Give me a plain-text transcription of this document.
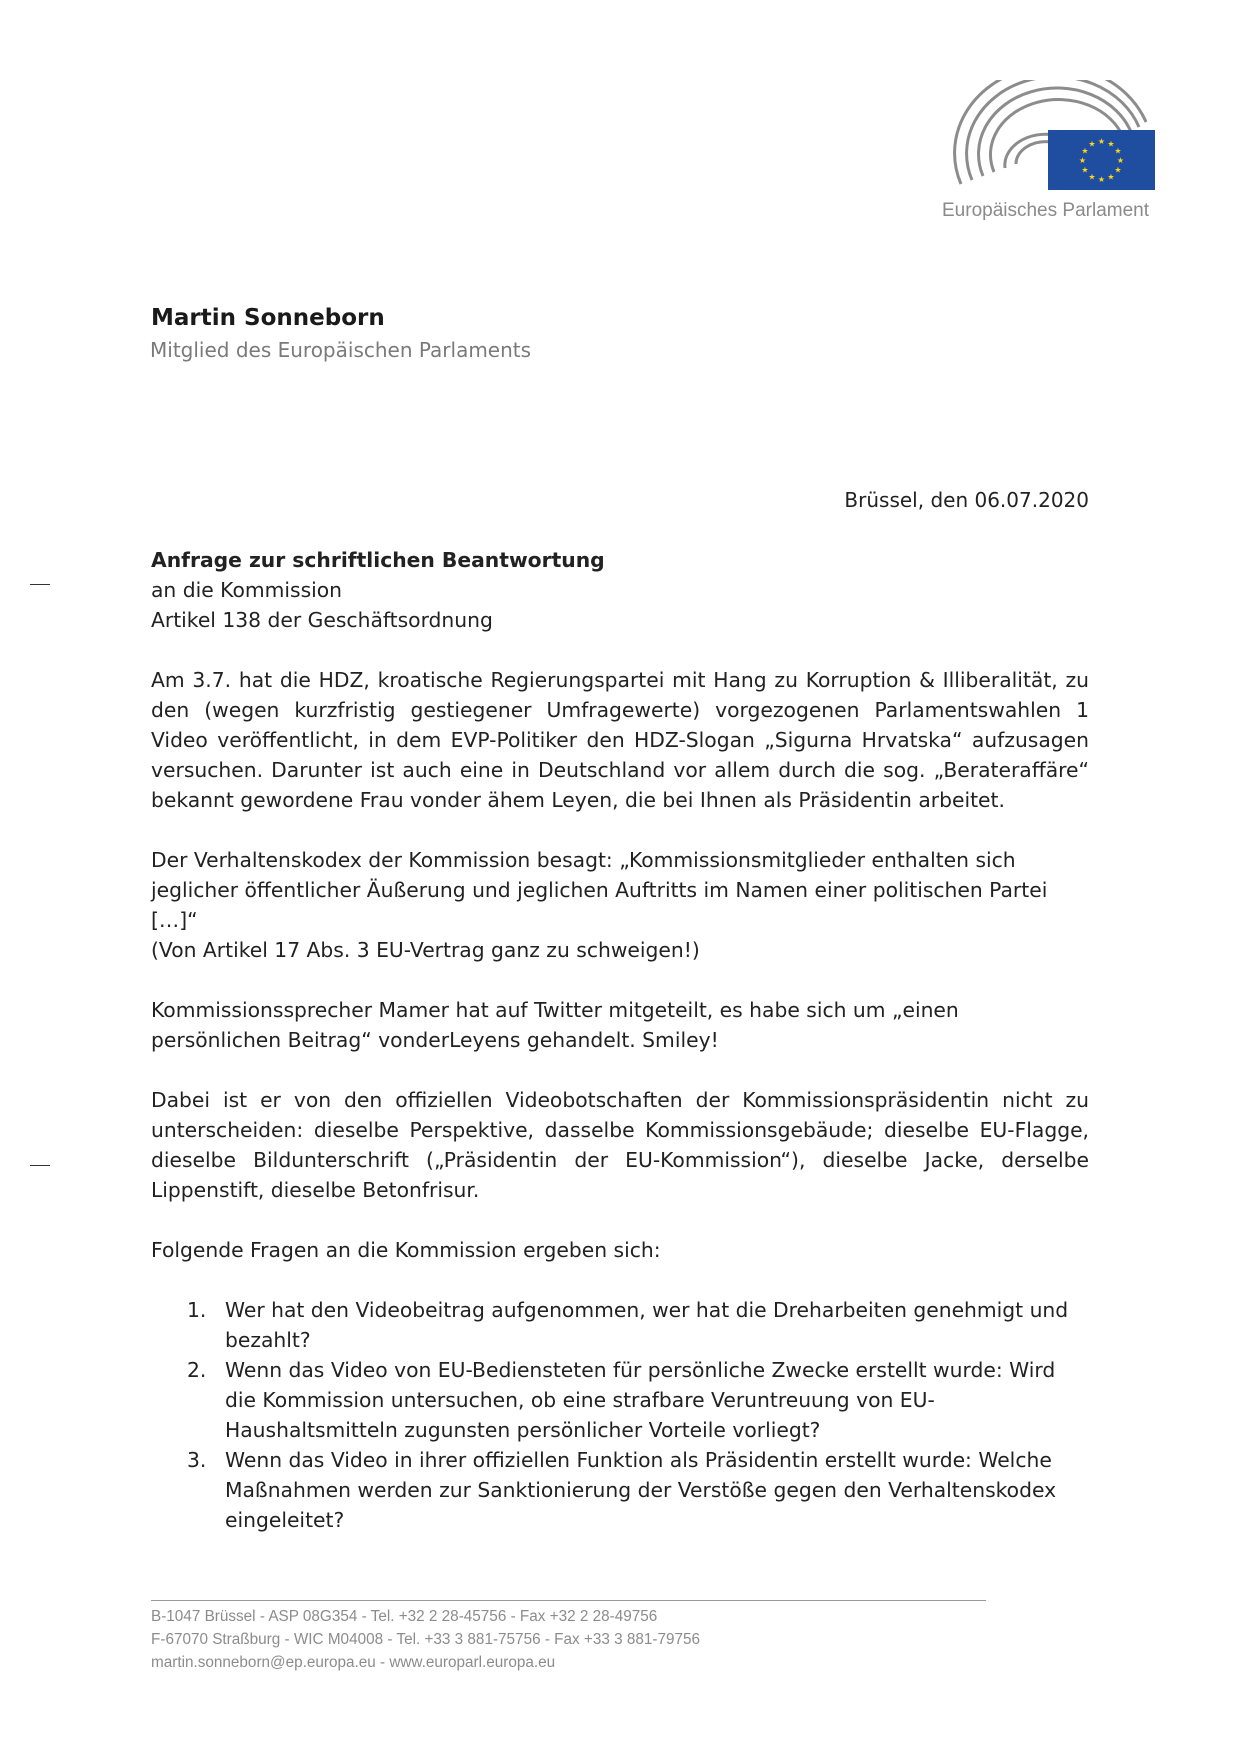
★ ★
★
★
★
★
★
★
★
★
★
★
Europäisches Parlament
Martin Sonneborn
Mitglied des Europäischen Parlaments
Brüssel, den 06.07.2020

Anfrage zur schriftlichen Beantwortung

an die Kommission

Artikel 138 der Geschäftsordnung

Am 3.7. hat die HDZ, kroatische Regierungspartei mit Hang zu Korruption & Illiberalität, zu den (wegen kurzfristig gestiegener Umfragewerte) vorgezogenen Parlamentswahlen 1 Video veröffentlicht, in dem EVP-Politiker den HDZ-Slogan „Sigurna Hrvatska“ aufzusagen versuchen. Darunter ist auch eine in Deutschland vor allem durch die sog. „Berateraffäre“ bekannt gewordene Frau vonder ähem Leyen, die bei Ihnen als Präsidentin arbeitet.

Der Verhaltenskodex der Kommission besagt: „Kommissionsmitglieder enthalten sich jeglicher öffentlicher Äußerung und jeglichen Auftritts im Namen einer politischen Partei […]“

(Von Artikel 17 Abs. 3 EU-Vertrag ganz zu schweigen!)

Kommissionssprecher Mamer hat auf Twitter mitgeteilt, es habe sich um „einen persönlichen Beitrag“ vonderLeyens gehandelt. Smiley!

Dabei ist er von den offiziellen Videobotschaften der Kommissionspräsidentin nicht zu unterscheiden: dieselbe Perspektive, dasselbe Kommissionsgebäude; dieselbe EU-Flagge, dieselbe Bildunterschrift („Präsidentin der EU-Kommission“), dieselbe Jacke, derselbe Lippenstift, dieselbe Betonfrisur.

Folgende Fragen an die Kommission ergeben sich:

1. Wer hat den Videobeitrag aufgenommen, wer hat die Dreharbeiten genehmigt und bezahlt?
2. Wenn das Video von EU-Bediensteten für persönliche Zwecke erstellt wurde: Wird die Kommission untersuchen, ob eine strafbare Veruntreuung von EU-Haushaltsmitteln zugunsten persönlicher Vorteile vorliegt?
3. Wenn das Video in ihrer offiziellen Funktion als Präsidentin erstellt wurde: Welche Maßnahmen werden zur Sanktionierung der Verstöße gegen den Verhaltenskodex eingeleitet?
B-1047 Brüssel - ASP 08G354 - Tel. +32 2 28-45756 - Fax +32 2 28-49756
F-67070 Straßburg - WIC M04008 - Tel. +33 3 881-75756 - Fax +33 3 881-79756
martin.sonneborn@ep.europa.eu - www.europarl.europa.eu
